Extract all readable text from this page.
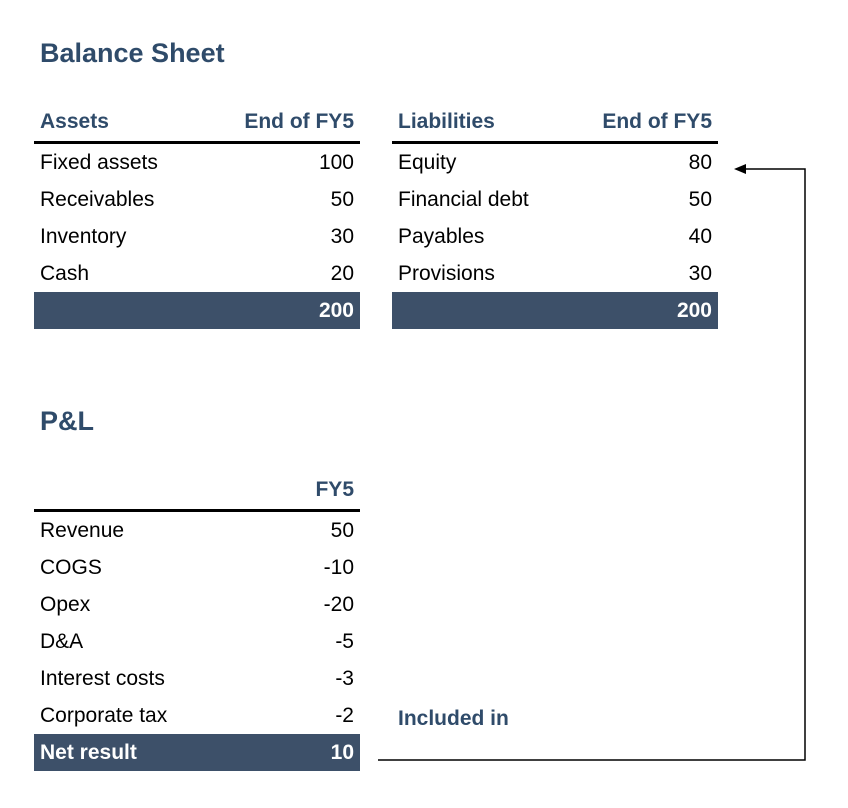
Balance Sheet
Assets	End of FY5
Fixed assets	100
Receivables	50
Inventory	30
Cash	20
200
Liabilities	End of FY5
Equity	80
Financial debt	50
Payables	40
Provisions	30
200
P&L
FY5
Revenue	50
COGS	-10
Opex	-20
D&A	-5
Interest costs	-3
Corporate tax	-2
Net result	10
Included in
